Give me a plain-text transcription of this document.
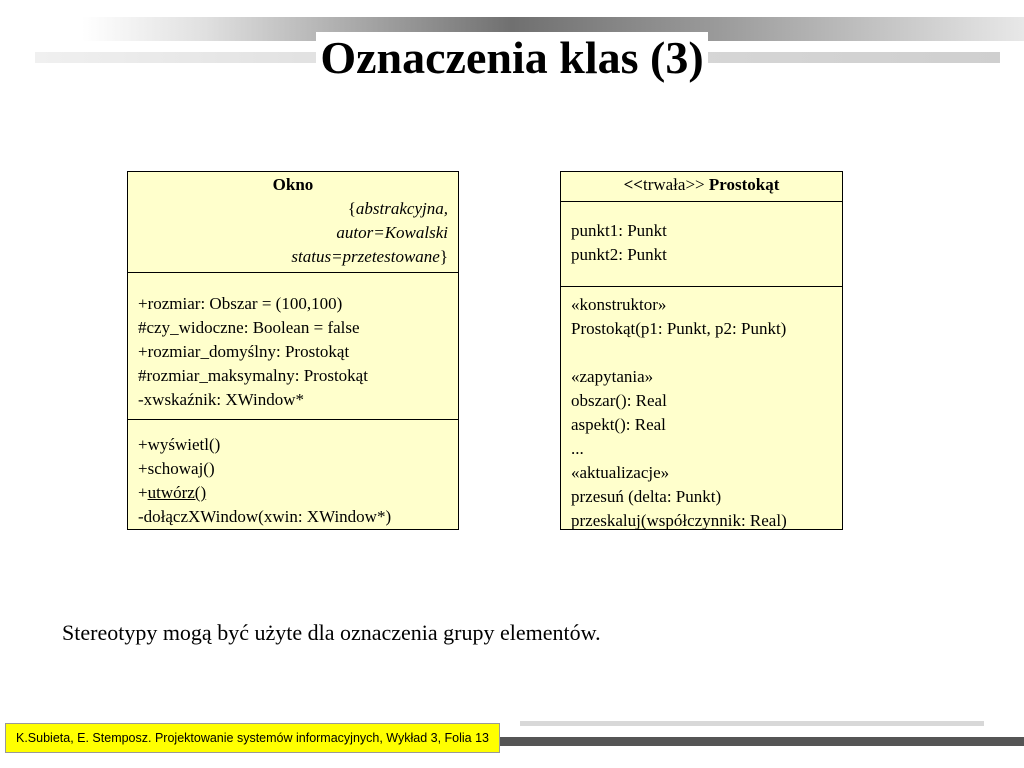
Oznaczenia klas (3)
Okno
{abstrakcyjna,
autor=Kowalski
status=przetestowane}
+rozmiar: Obszar = (100,100)
#czy_widoczne: Boolean = false
+rozmiar_domyślny: Prostokąt
#rozmiar_maksymalny: Prostokąt
-xwskaźnik: XWindow*
+wyświetl()
+schowaj()
+utwórz()
-dołączXWindow(xwin: XWindow*)
<<trwała>> Prostokąt
punkt1: Punkt
punkt2: Punkt
«konstruktor»
Prostokąt(p1: Punkt, p2: Punkt)
«zapytania»
obszar(): Real
aspekt(): Real
...
«aktualizacje»
przesuń (delta: Punkt)
przeskaluj(współczynnik: Real)

Stereotypy mogą być użyte dla oznaczenia grupy elementów.

K.Subieta, E. Stemposz. Projektowanie systemów informacyjnych, Wykład 3, Folia 13
